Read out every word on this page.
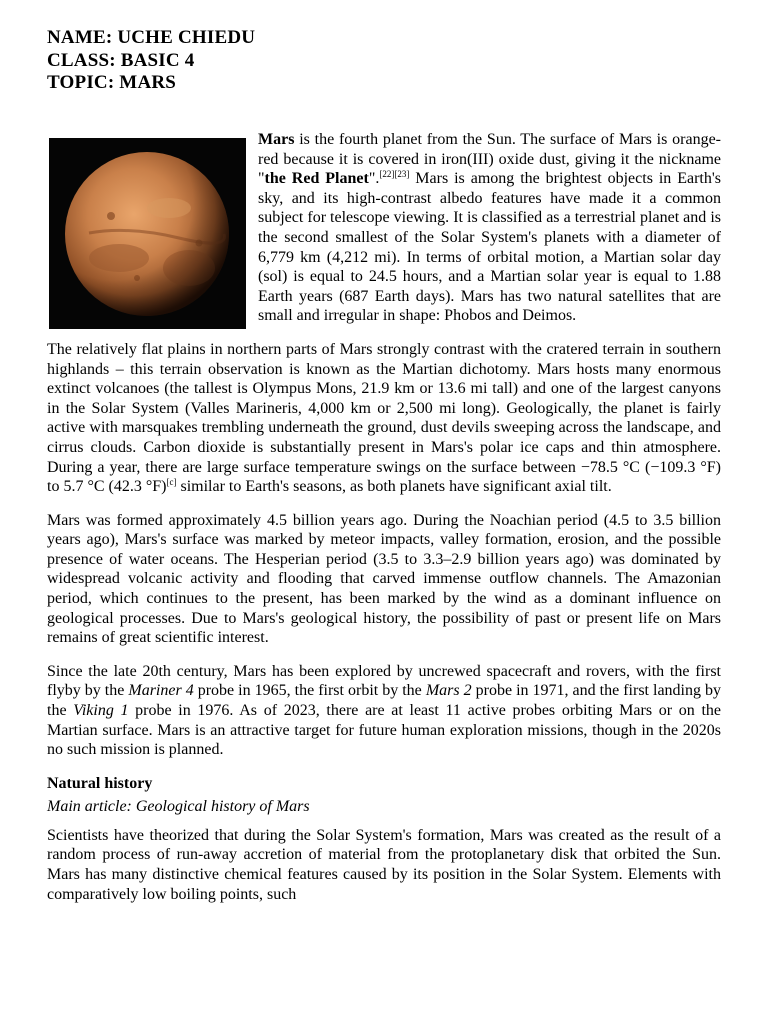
NAME: UCHE CHIEDU
CLASS: BASIC 4
TOPIC: MARS

Mars is the fourth planet from the Sun. The surface of Mars is orange-red because it is covered in iron(III) oxide dust, giving it the nickname "the Red Planet".[22][23] Mars is among the brightest objects in Earth's sky, and its high-contrast albedo features have made it a common subject for telescope viewing. It is classified as a terrestrial planet and is the second smallest of the Solar System's planets with a diameter of 6,779 km (4,212 mi). In terms of orbital motion, a Martian solar day (sol) is equal to 24.5 hours, and a Martian solar year is equal to 1.88 Earth years (687 Earth days). Mars has two natural satellites that are small and irregular in shape: Phobos and Deimos.

The relatively flat plains in northern parts of Mars strongly contrast with the cratered terrain in southern highlands – this terrain observation is known as the Martian dichotomy. Mars hosts many enormous extinct volcanoes (the tallest is Olympus Mons, 21.9 km or 13.6 mi tall) and one of the largest canyons in the Solar System (Valles Marineris, 4,000 km or 2,500 mi long). Geologically, the planet is fairly active with marsquakes trembling underneath the ground, dust devils sweeping across the landscape, and cirrus clouds. Carbon dioxide is substantially present in Mars's polar ice caps and thin atmosphere. During a year, there are large surface temperature swings on the surface between −78.5 °C (−109.3 °F) to 5.7 °C (42.3 °F)[c] similar to Earth's seasons, as both planets have significant axial tilt.

Mars was formed approximately 4.5 billion years ago. During the Noachian period (4.5 to 3.5 billion years ago), Mars's surface was marked by meteor impacts, valley formation, erosion, and the possible presence of water oceans. The Hesperian period (3.5 to 3.3–2.9 billion years ago) was dominated by widespread volcanic activity and flooding that carved immense outflow channels. The Amazonian period, which continues to the present, has been marked by the wind as a dominant influence on geological processes. Due to Mars's geological history, the possibility of past or present life on Mars remains of great scientific interest.

Since the late 20th century, Mars has been explored by uncrewed spacecraft and rovers, with the first flyby by the Mariner 4 probe in 1965, the first orbit by the Mars 2 probe in 1971, and the first landing by the Viking 1 probe in 1976. As of 2023, there are at least 11 active probes orbiting Mars or on the Martian surface. Mars is an attractive target for future human exploration missions, though in the 2020s no such mission is planned.

Natural history
Main article: Geological history of Mars

Scientists have theorized that during the Solar System's formation, Mars was created as the result of a random process of run-away accretion of material from the protoplanetary disk that orbited the Sun. Mars has many distinctive chemical features caused by its position in the Solar System. Elements with comparatively low boiling points, such
